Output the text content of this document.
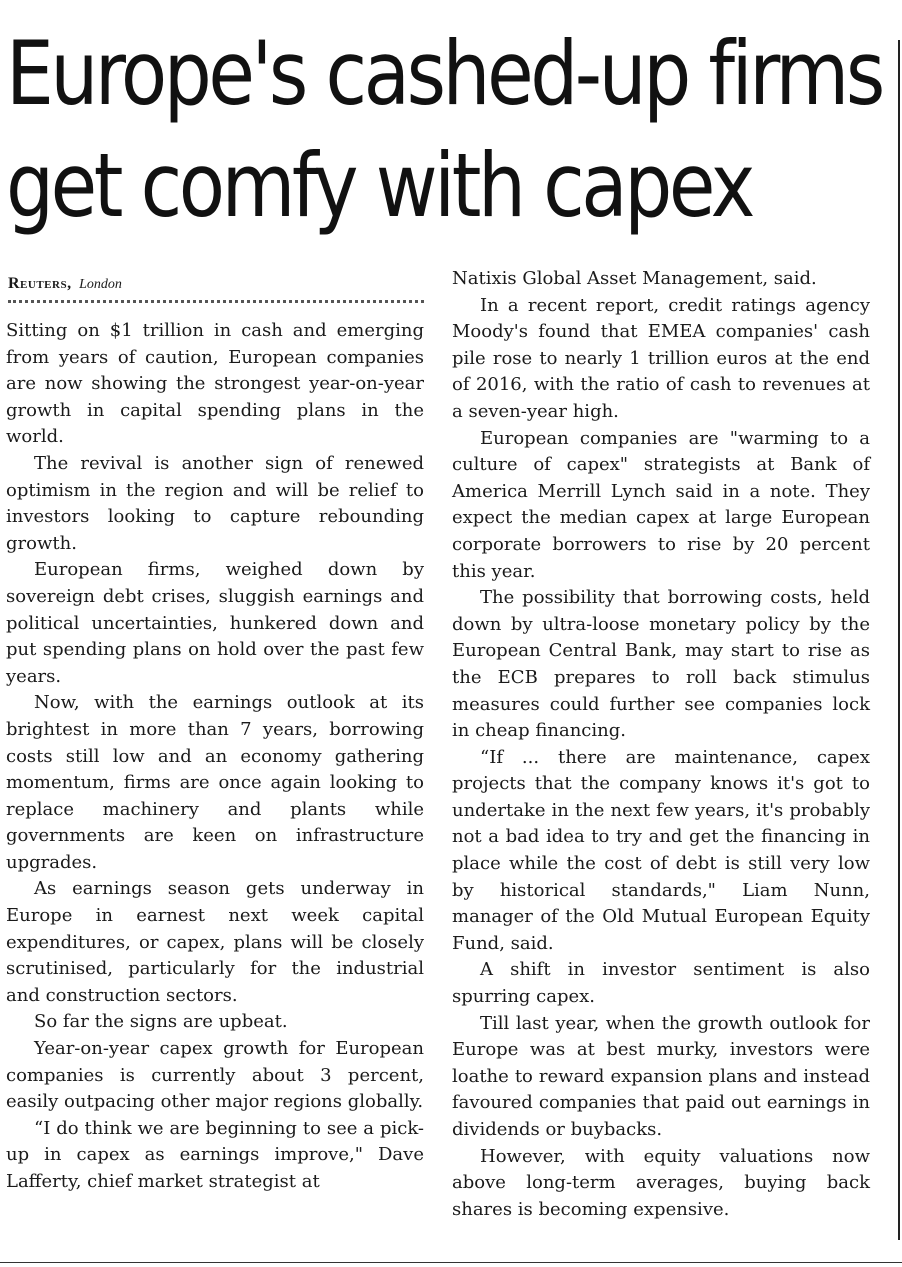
Europe's cashed-up firms get comfy with capex
Reuters, London

Sitting on $1 trillion in cash and emerging from years of caution, European companies are now showing the strongest year-on-year growth in capital spending plans in the world.

The revival is another sign of renewed optimism in the region and will be relief to investors looking to capture rebounding growth.

European firms, weighed down by sovereign debt crises, sluggish earnings and political uncertainties, hunkered down and put spending plans on hold over the past few years.

Now, with the earnings outlook at its brightest in more than 7 years, borrowing costs still low and an economy gathering momentum, firms are once again looking to replace machinery and plants while governments are keen on infrastructure upgrades.

As earnings season gets underway in Europe in earnest next week capital expenditures, or capex, plans will be closely scrutinised, particularly for the industrial and construction sectors.

So far the signs are upbeat.

Year-on-year capex growth for European companies is currently about 3 percent, easily outpacing other major regions globally.

“I do think we are beginning to see a pick-up in capex as earnings improve," Dave Lafferty, chief market strategist at

Natixis Global Asset Management, said.

In a recent report, credit ratings agency Moody's found that EMEA companies' cash pile rose to nearly 1 trillion euros at the end of 2016, with the ratio of cash to revenues at a seven-year high.

European companies are "warming to a culture of capex" strategists at Bank of America Merrill Lynch said in a note. They expect the median capex at large European corporate borrowers to rise by 20 percent this year.

The possibility that borrowing costs, held down by ultra-loose monetary policy by the European Central Bank, may start to rise as the ECB prepares to roll back stimulus measures could further see companies lock in cheap financing.

“If ... there are maintenance, capex projects that the company knows it's got to undertake in the next few years, it's probably not a bad idea to try and get the financing in place while the cost of debt is still very low by historical standards," Liam Nunn, manager of the Old Mutual European Equity Fund, said.

A shift in investor sentiment is also spurring capex.

Till last year, when the growth outlook for Europe was at best murky, investors were loathe to reward expansion plans and instead favoured companies that paid out earnings in dividends or buybacks.

However, with equity valuations now above long-term averages, buying back shares is becoming expensive.
